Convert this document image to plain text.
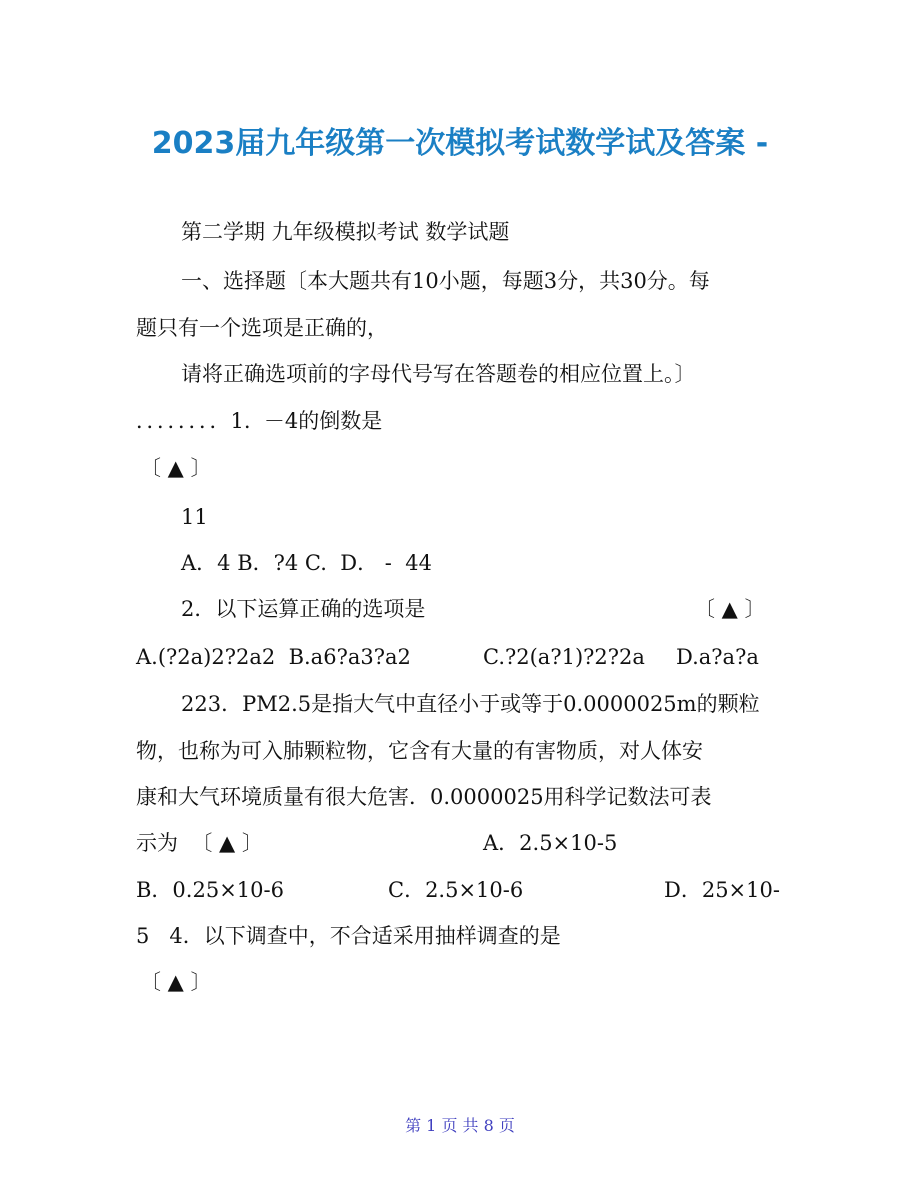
2023届九年级第一次模拟考试数学试及答案 -
第二学期 九年级模拟考试 数学试题
一、选择题〔本大题共有10小题，每题3分，共30分。每
题只有一个选项是正确的，
请将正确选项前的字母代号写在答题卷的相应位置上。〕
．．．．．．．．1.  －4的倒数是
〔 ▲ 〕
11
A．4 B．?4 C.  D． -  44
2．以下运算正确的选项是	〔 ▲ 〕
A.(?2a)2?2a2  B.a6?a3?a2	C.?2(a?1)?2?2a D.a?a?a
223．PM2.5是指大气中直径小于或等于0.0000025m的颗粒
物，也称为可入肺颗粒物，它含有大量的有害物质，对人体安
康和大气环境质量有很大危害．0.0000025用科学记数法可表
示为  〔 ▲ 〕	A．2.5×10-5
B．0.25×10-6	C．2.5×10-6	D．25×10-
5   4．以下调查中，不合适采用抽样调查的是
〔 ▲ 〕
第 1 页 共 8 页
